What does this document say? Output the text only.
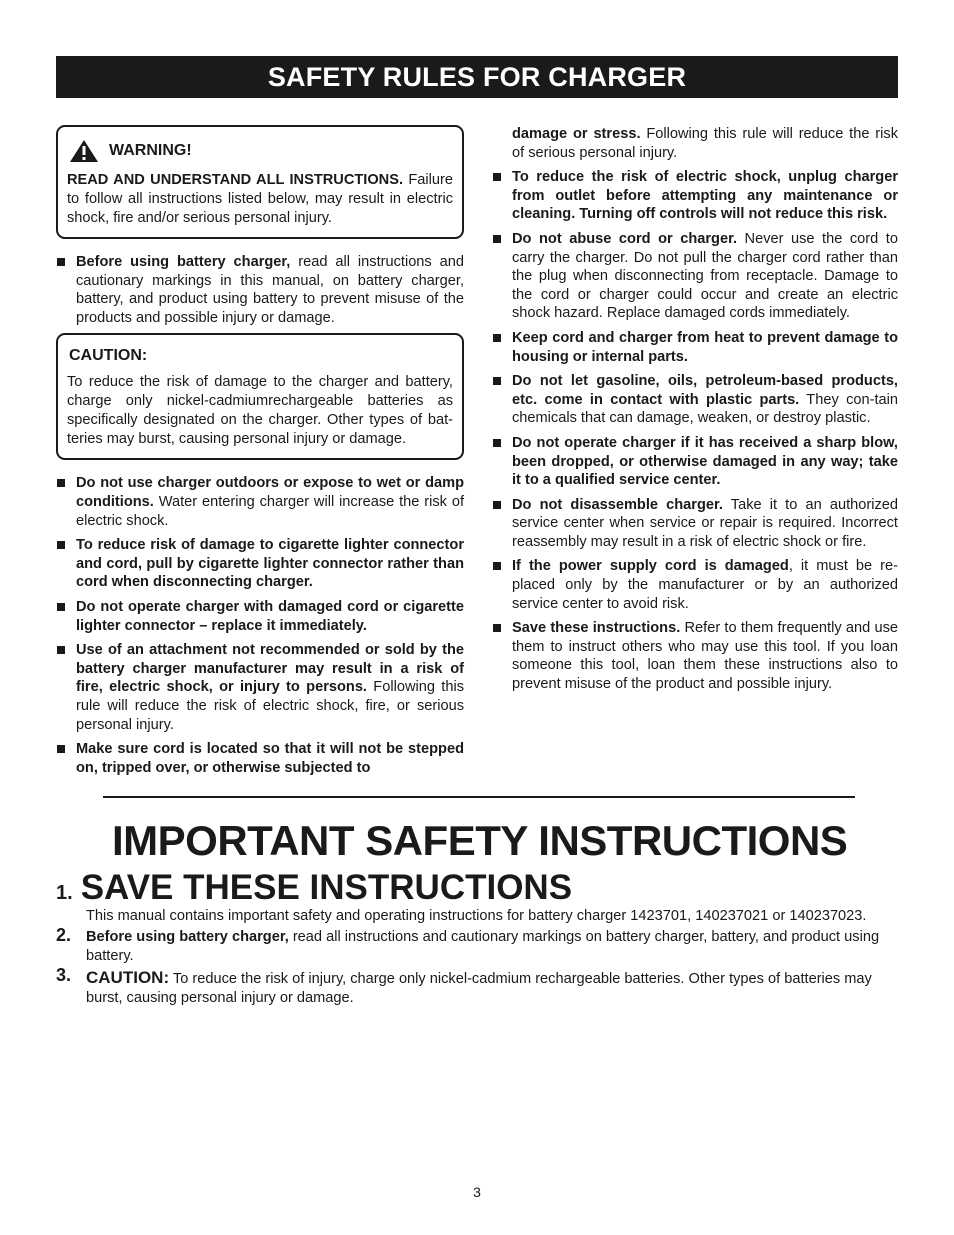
SAFETY RULES FOR CHARGER
WARNING!

READ AND UNDERSTAND ALL INSTRUCTIONS. Failure to follow all instructions listed below, may result in electric shock, fire and/or serious personal injury.

Before using battery charger, read all instructions and cautionary markings in this manual, on battery charger, battery, and product using battery to prevent misuse of the products and possible injury or damage.
CAUTION:

To reduce the risk of damage to the charger and battery, charge only nickel-cadmiumrechargeable batteries as specifically designated on the charger. Other types of bat-teries may burst, causing personal injury or damage.

Do not use charger outdoors or expose to wet or damp conditions. Water entering charger will increase the risk of electric shock.
To reduce risk of damage to cigarette lighter connector and cord, pull by cigarette lighter connector rather than cord when disconnecting charger.
Do not operate charger with damaged cord or cigarette lighter connector – replace it immediately.
Use of an attachment not recommended or sold by the battery charger manufacturer may result in a risk of fire, electric shock, or injury to persons. Following this rule will reduce the risk of electric shock, fire, or serious personal injury.
Make sure cord is located so that it will not be stepped on, tripped over, or otherwise subjected to
damage or stress. Following this rule will reduce the risk of serious personal injury.
To reduce the risk of electric shock, unplug charger from outlet before attempting any maintenance or cleaning. Turning off controls will not reduce this risk.
Do not abuse cord or charger. Never use the cord to carry the charger. Do not pull the charger cord rather than the plug when disconnecting from receptacle. Damage to the cord or charger could occur and create an electric shock hazard. Replace damaged cords immediately.
Keep cord and charger from heat to prevent damage to housing or internal parts.
Do not let gasoline, oils, petroleum-based products, etc. come in contact with plastic parts. They con-tain chemicals that can damage, weaken, or destroy plastic.
Do not operate charger if it has received a sharp blow, been dropped, or otherwise damaged in any way; take it to a qualified service center.
Do not disassemble charger. Take it to an authorized service center when service or repair is required. Incorrect reassembly may result in a risk of electric shock or fire.
If the power supply cord is damaged, it must be re-placed only by the manufacturer or by an authorized service center to avoid risk.
Save these instructions. Refer to them frequently and use them to instruct others who may use this tool. If you loan someone this tool, loan them these instructions also to prevent misuse of the product and possible injury.
IMPORTANT SAFETY INSTRUCTIONS
1. SAVE THESE INSTRUCTIONS
This manual contains important safety and operating instructions for battery charger 1423701, 140237021 or 140237023.
2. Before using battery charger, read all instructions and cautionary markings on battery charger, battery, and product using battery.
3. CAUTION: To reduce the risk of injury, charge only nickel-cadmium rechargeable batteries. Other types of batteries may burst, causing personal injury or damage.
3
